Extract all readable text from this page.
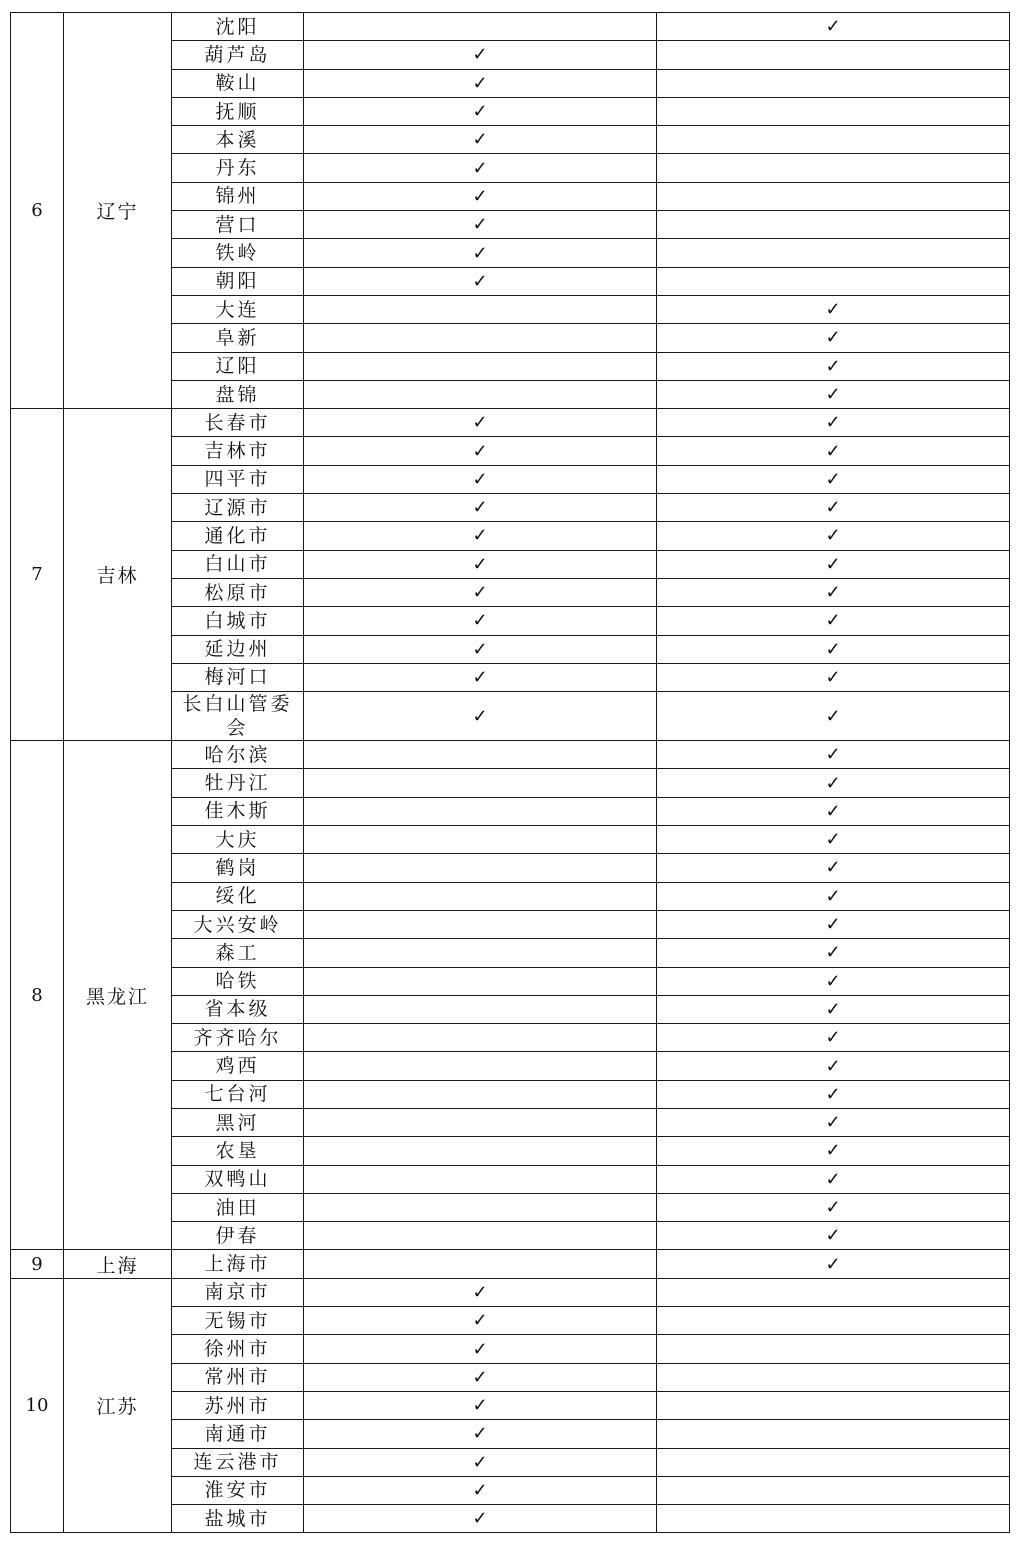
6	辽宁	沈阳		✓
		葫芦岛	✓	
		鞍山	✓	
		抚顺	✓	
		本溪	✓	
		丹东	✓	
		锦州	✓	
		营口	✓	
		铁岭	✓	
		朝阳	✓	
		大连		✓
		阜新		✓
		辽阳		✓
		盘锦		✓
7	吉林	长春市	✓	✓
		吉林市	✓	✓
		四平市	✓	✓
		辽源市	✓	✓
		通化市	✓	✓
		白山市	✓	✓
		松原市	✓	✓
		白城市	✓	✓
		延边州	✓	✓
		梅河口	✓	✓
		长白山管委会	✓	✓
8	黑龙江	哈尔滨		✓
		牡丹江		✓
		佳木斯		✓
		大庆		✓
		鹤岗		✓
		绥化		✓
		大兴安岭		✓
		森工		✓
		哈铁		✓
		省本级		✓
		齐齐哈尔		✓
		鸡西		✓
		七台河		✓
		黑河		✓
		农垦		✓
		双鸭山		✓
		油田		✓
		伊春		✓
9	上海	上海市		✓
10	江苏	南京市	✓	
		无锡市	✓	
		徐州市	✓	
		常州市	✓	
		苏州市	✓	
		南通市	✓	
		连云港市	✓	
		淮安市	✓	
		盐城市	✓	
